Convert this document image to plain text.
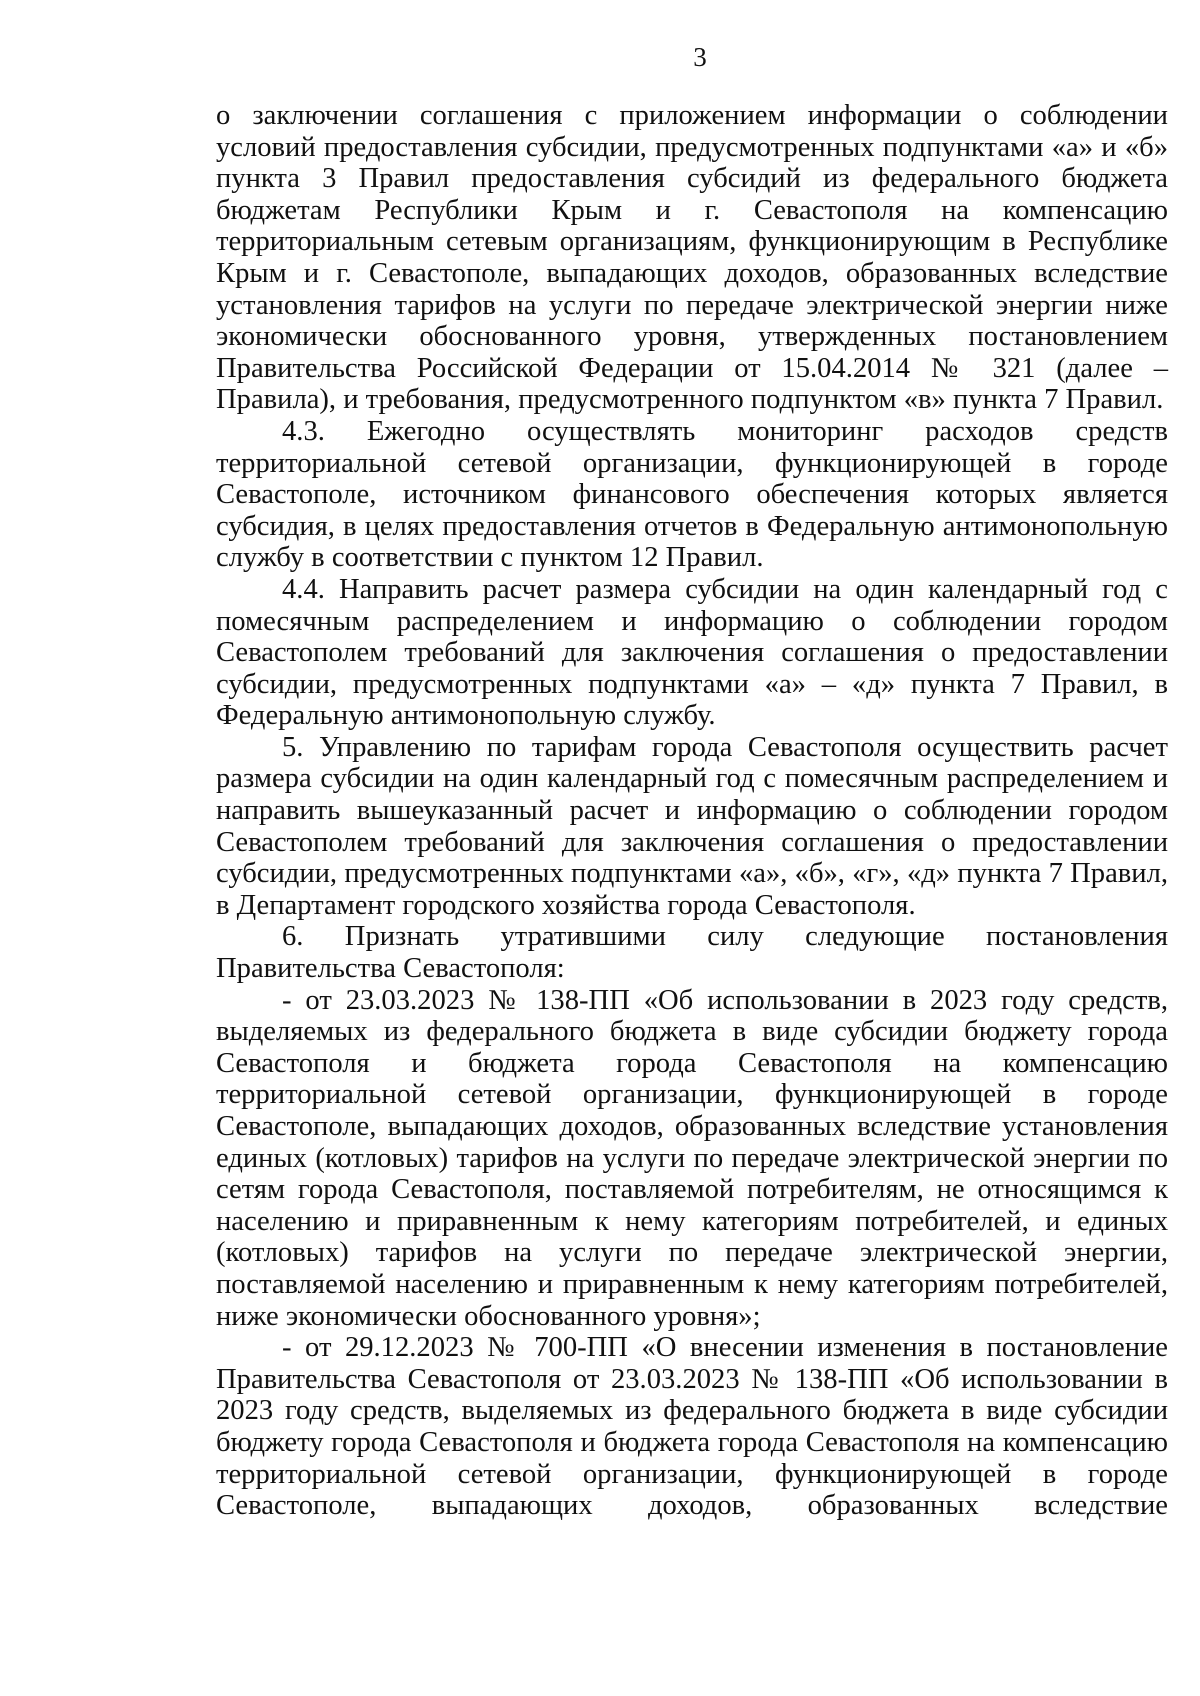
3

о заключении соглашения с приложением информации о соблюдении условий предоставления субсидии, предусмотренных подпунктами «а» и «б» пункта 3 Правил предоставления субсидий из федерального бюджета бюджетам Республики Крым и г. Севастополя на компенсацию территориальным сетевым организациям, функционирующим в Республике Крым и г. Севастополе, выпадающих доходов, образованных вследствие установления тарифов на услуги по передаче электрической энергии ниже экономически обоснованного уровня, утвержденных постановлением Правительства Российской Федерации от 15.04.2014 № 321 (далее – Правила), и требования, предусмотренного подпунктом «в» пункта 7 Правил.

4.3. Ежегодно осуществлять мониторинг расходов средств территориальной сетевой организации, функционирующей в городе Севастополе, источником финансового обеспечения которых является субсидия, в целях предоставления отчетов в Федеральную антимонопольную службу в соответствии с пунктом 12 Правил.

4.4. Направить расчет размера субсидии на один календарный год с помесячным распределением и информацию о соблюдении городом Севастополем требований для заключения соглашения о предоставлении субсидии, предусмотренных подпунктами «а» – «д» пункта 7 Правил, в Федеральную антимонопольную службу.

5. Управлению по тарифам города Севастополя осуществить расчет размера субсидии на один календарный год с помесячным распределением и направить вышеуказанный расчет и информацию о соблюдении городом Севастополем требований для заключения соглашения о предоставлении субсидии, предусмотренных подпунктами «а», «б», «г», «д» пункта 7 Правил, в Департамент городского хозяйства города Севастополя.

6. Признать утратившими силу следующие постановления Правительства Севастополя:

- от 23.03.2023 № 138-ПП «Об использовании в 2023 году средств, выделяемых из федерального бюджета в виде субсидии бюджету города Севастополя и бюджета города Севастополя на компенсацию территориальной сетевой организации, функционирующей в городе Севастополе, выпадающих доходов, образованных вследствие установления единых (котловых) тарифов на услуги по передаче электрической энергии по сетям города Севастополя, поставляемой потребителям, не относящимся к населению и приравненным к нему категориям потребителей, и единых (котловых) тарифов на услуги по передаче электрической энергии, поставляемой населению и приравненным к нему категориям потребителей, ниже экономически обоснованного уровня»;

- от 29.12.2023 № 700-ПП «О внесении изменения в постановление Правительства Севастополя от 23.03.2023 № 138-ПП «Об использовании в 2023 году средств, выделяемых из федерального бюджета в виде субсидии бюджету города Севастополя и бюджета города Севастополя на компенсацию территориальной сетевой организации, функционирующей в городе Севастополе, выпадающих доходов, образованных вследствие
